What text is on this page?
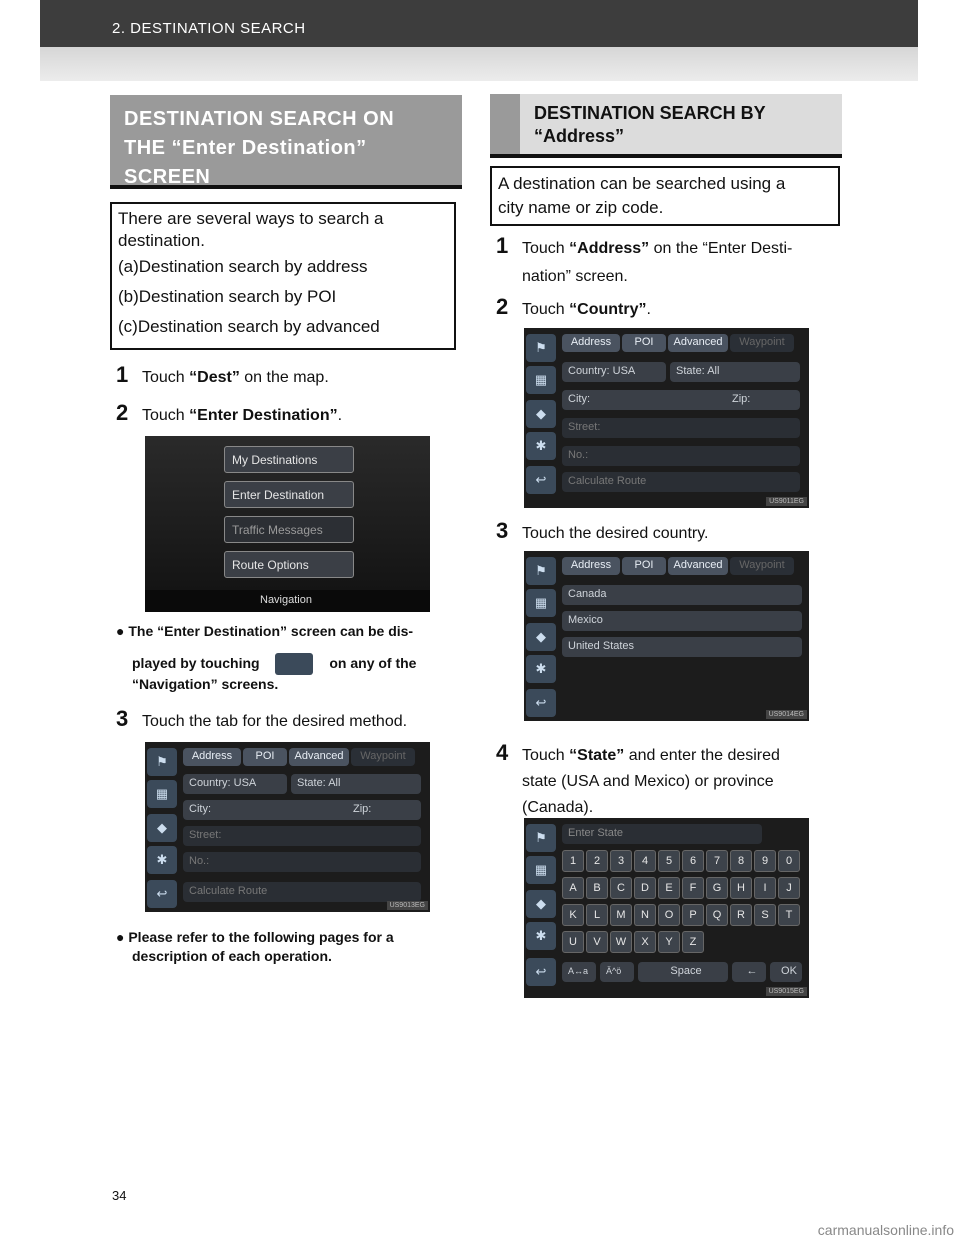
2. DESTINATION SEARCH
DESTINATION SEARCH ON
THE “Enter Destination”
SCREEN

There are several ways to search a

destination.

(a)Destination search by address

(b)Destination search by POI

(c)Destination search by advanced

1 Touch “Dest” on the map.
2 Touch “Enter Destination”.
My Destinations
Enter Destination
Traffic Messages
Route Options
Navigation
● The “Enter Destination” screen can be dis-
played by touching	on any of the
“Navigation” screens.
3 Touch the tab for the desired method.
⚑
▦
◆
✱
↩
Address	POI	Advanced	Waypoint
Country: USA	State: All
City:	Zip:
Street:
No.:
Calculate Route
US9013EG
● Please refer to the following pages for a
description of each operation.
DESTINATION SEARCH BY
“Address”

A destination can be searched using a

city name or zip code.

1 Touch “Address” on the “Enter Desti-
nation” screen.
2 Touch “Country”.
⚑
▦
◆
✱
↩
Address	POI	Advanced	Waypoint
Country: USA	State: All
City:	Zip:
Street:
No.:
Calculate Route
US9011EG
3 Touch the desired country.
⚑
▦
◆
✱
↩
Address	POI	Advanced	Waypoint
Canada
Mexico
United States
US9014EG
4 Touch “State” and enter the desired
state (USA and Mexico) or province
(Canada).
⚑
▦
◆
✱
↩
Enter State
1	2	3	4	5	6	7	8	9	0
A	B	C	D	E	F	G	H	I	J
K	L	M	N	O	P	Q	R	S	T
U	V	W	X	Y	Z
A↔a	Ä^ö	Space	←	OK
US9015EG
34
carmanualsonline.info
